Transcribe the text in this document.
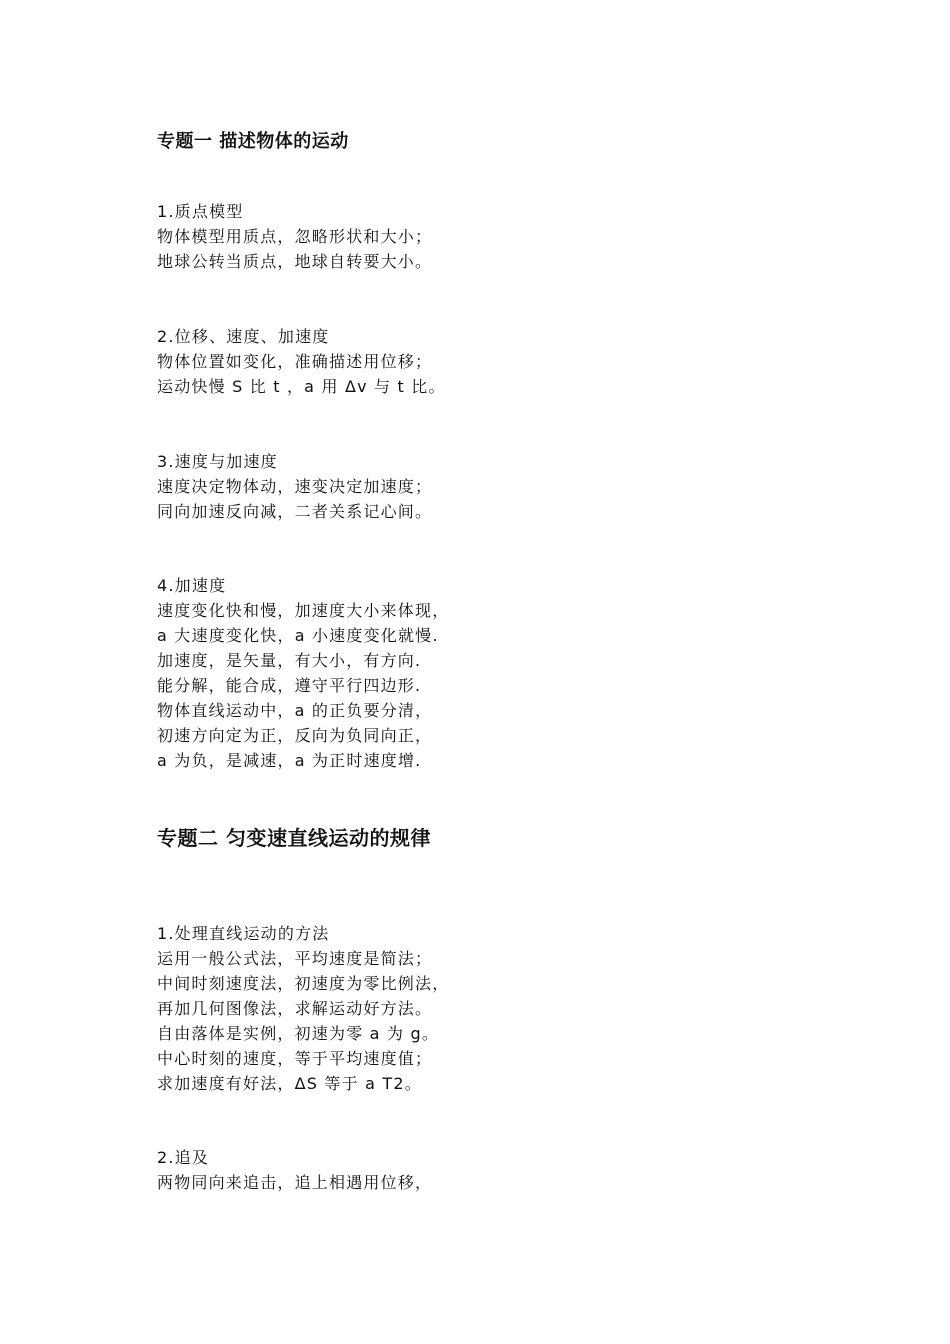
专题一 描述物体的运动
1.质点模型
物体模型用质点，忽略形状和大小；
地球公转当质点，地球自转要大小。
2.位移、速度、加速度
物体位置如变化，准确描述用位移；
运动快慢 S 比 t ，a 用 Δv 与 t 比。
3.速度与加速度
速度决定物体动，速变决定加速度；
同向加速反向减，二者关系记心间。
4.加速度
速度变化快和慢，加速度大小来体现，
a 大速度变化快，a 小速度变化就慢.
加速度，是矢量，有大小，有方向.
能分解，能合成，遵守平行四边形.
物体直线运动中，a 的正负要分清，
初速方向定为正，反向为负同向正，
a 为负，是减速，a 为正时速度增.
专题二 匀变速直线运动的规律
1.处理直线运动的方法
运用一般公式法，平均速度是简法；
中间时刻速度法，初速度为零比例法，
再加几何图像法，求解运动好方法。
自由落体是实例，初速为零 a 为 g。
中心时刻的速度，等于平均速度值；
求加速度有好法，ΔS 等于 a T2。
2.追及
两物同向来追击，追上相遇用位移，
